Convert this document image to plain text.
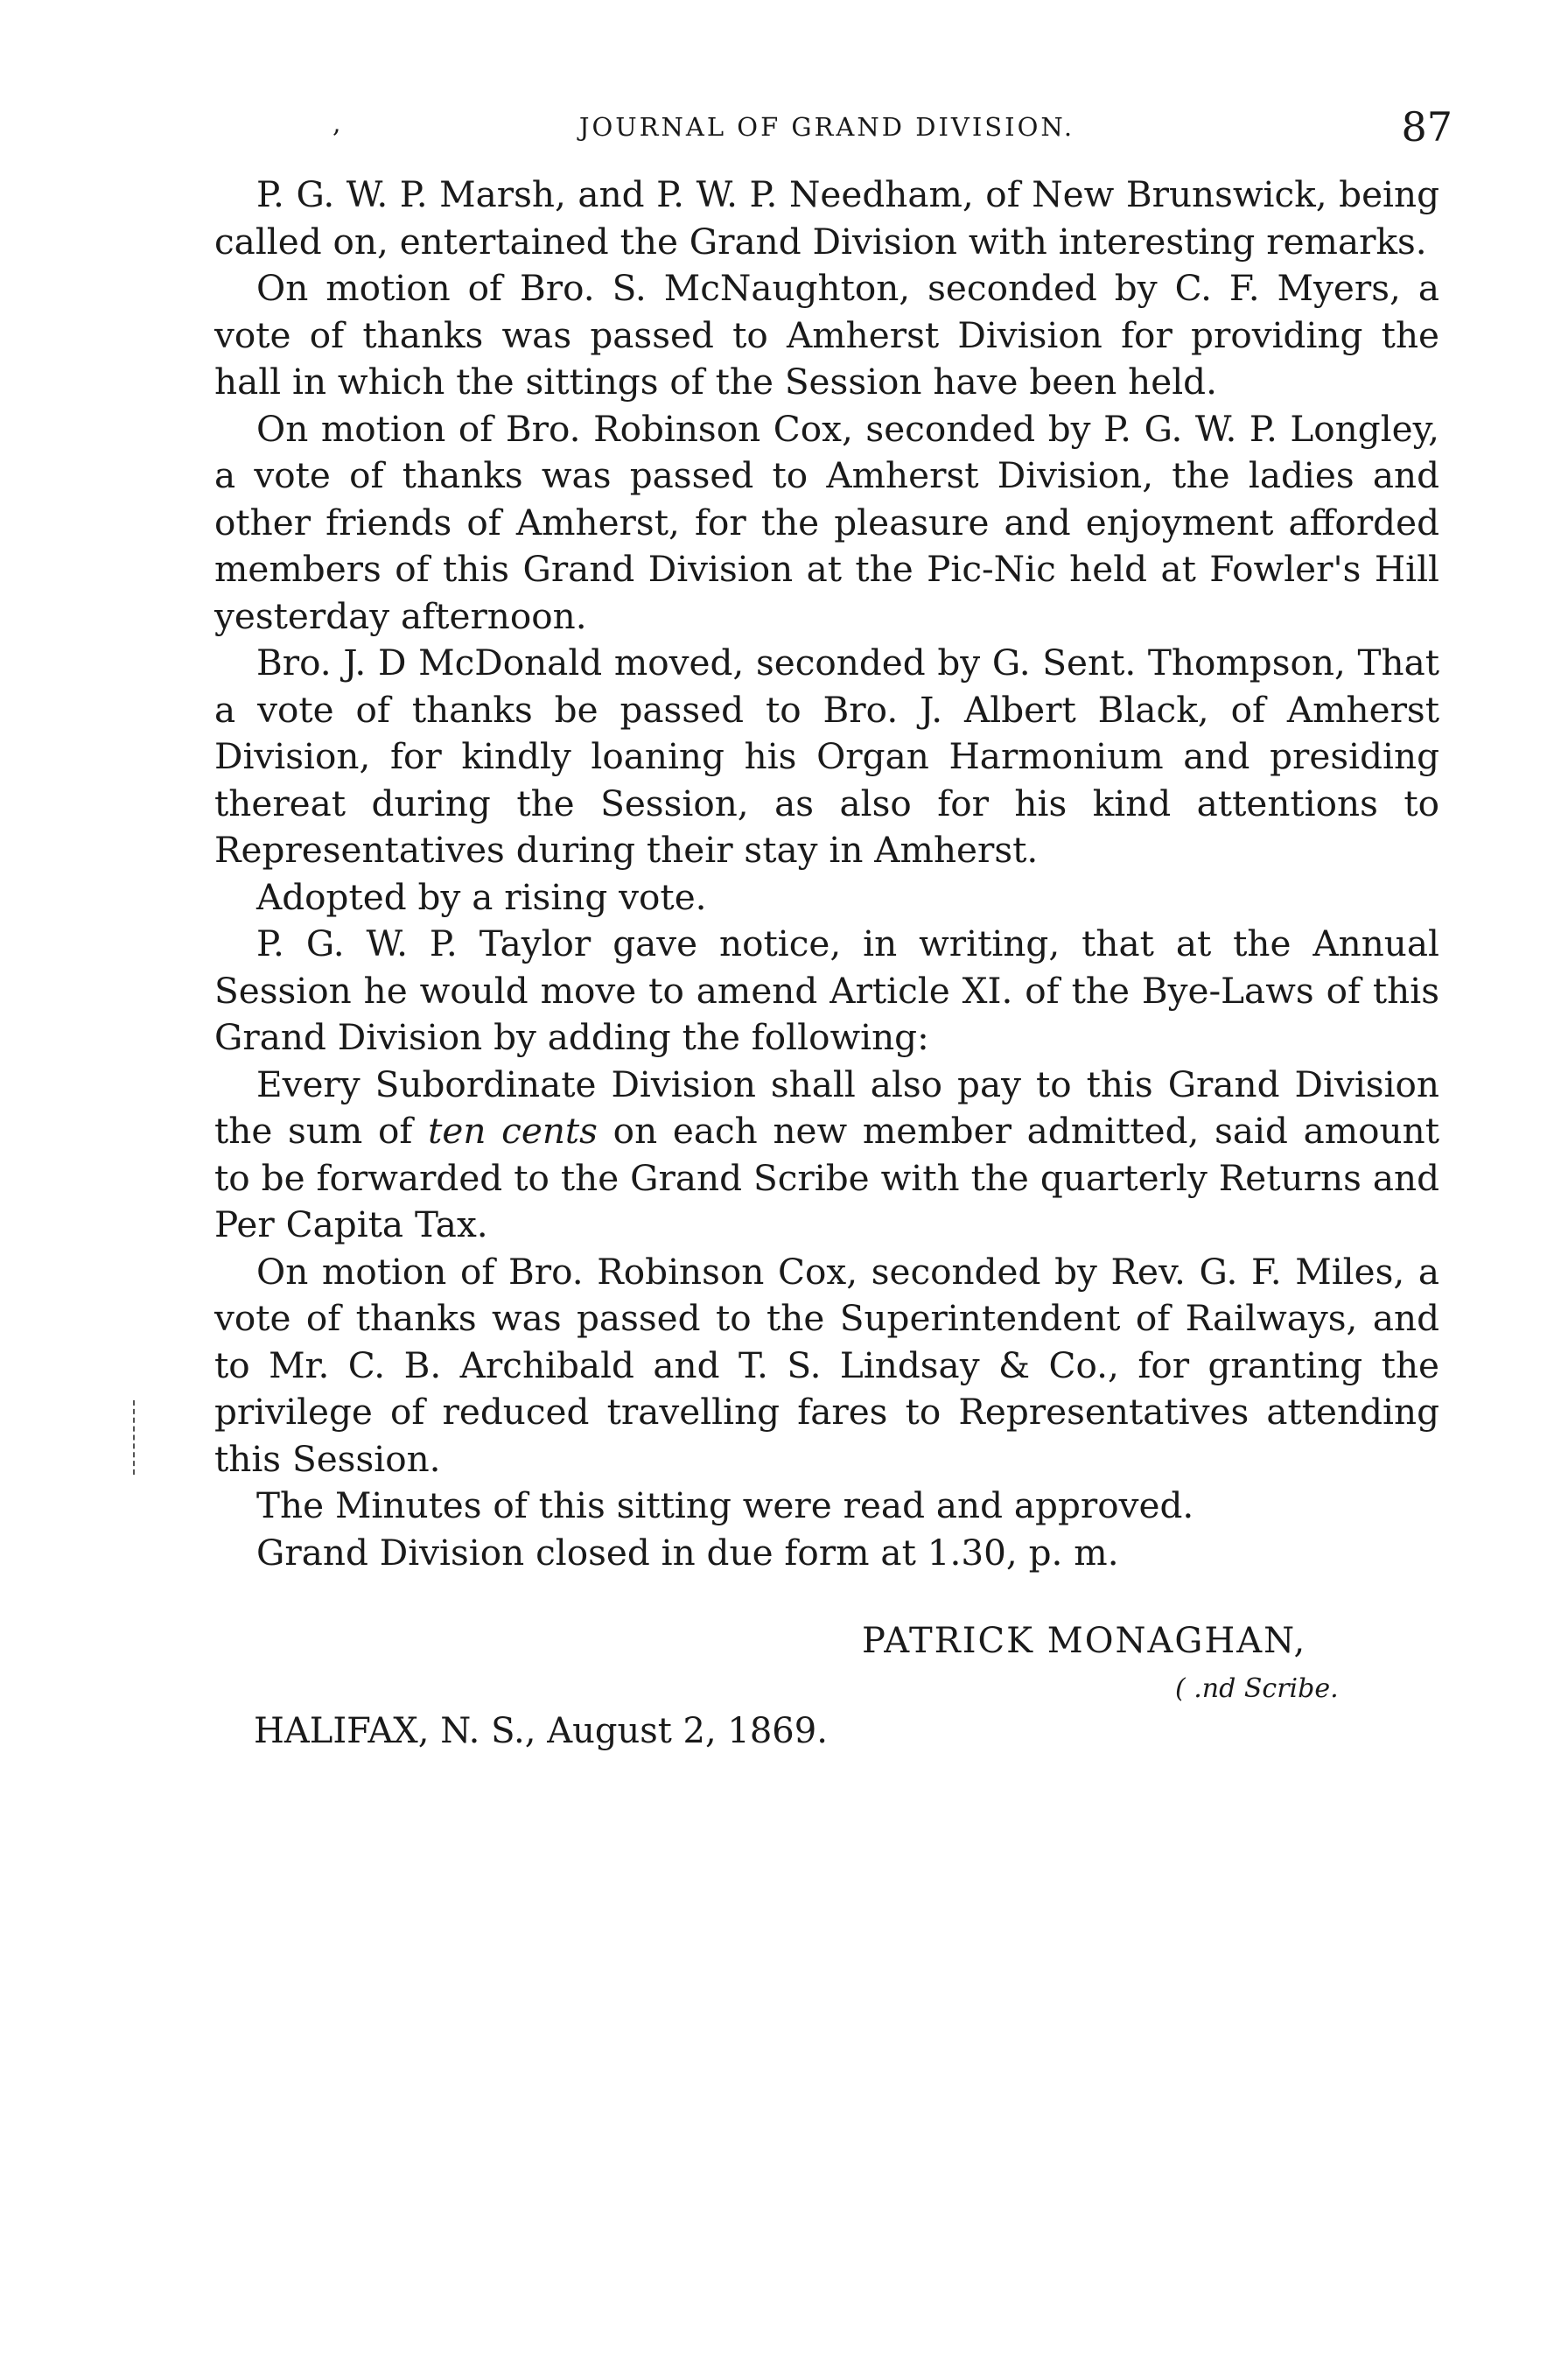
,	JOURNAL OF GRAND DIVISION.	87

P. G. W. P. Marsh, and P. W. P. Needham, of New Brunswick, being called on, entertained the Grand Division with interesting remarks.

On motion of Bro. S. McNaughton, seconded by C. F. Myers, a vote of thanks was passed to Amherst Division for providing the hall in which the sittings of the Session have been held.

On motion of Bro. Robinson Cox, seconded by P. G. W. P. Longley, a vote of thanks was passed to Amherst Division, the ladies and other friends of Amherst, for the pleasure and enjoyment afforded members of this Grand Division at the Pic-Nic held at Fowler's Hill yesterday afternoon.

Bro. J. D McDonald moved, seconded by G. Sent. Thompson, That a vote of thanks be passed to Bro. J. Albert Black, of Amherst Division, for kindly loaning his Organ Harmonium and presiding thereat during the Session, as also for his kind attentions to Representatives during their stay in Amherst.

Adopted by a rising vote.

P. G. W. P. Taylor gave notice, in writing, that at the Annual Session he would move to amend Article XI. of the Bye-Laws of this Grand Division by adding the following:

Every Subordinate Division shall also pay to this Grand Division the sum of ten cents on each new member admitted, said amount to be forwarded to the Grand Scribe with the quarterly Returns and Per Capita Tax.

On motion of Bro. Robinson Cox, seconded by Rev. G. F. Miles, a vote of thanks was passed to the Superintendent of Railways, and to Mr. C. B. Archibald and T. S. Lindsay & Co., for granting the privilege of reduced travelling fares to Representatives attending this Session.

The Minutes of this sitting were read and approved.

Grand Division closed in due form at 1.30, p. m.

PATRICK MONAGHAN,
( .nd Scribe.
HALIFAX, N. S., August 2, 1869.
